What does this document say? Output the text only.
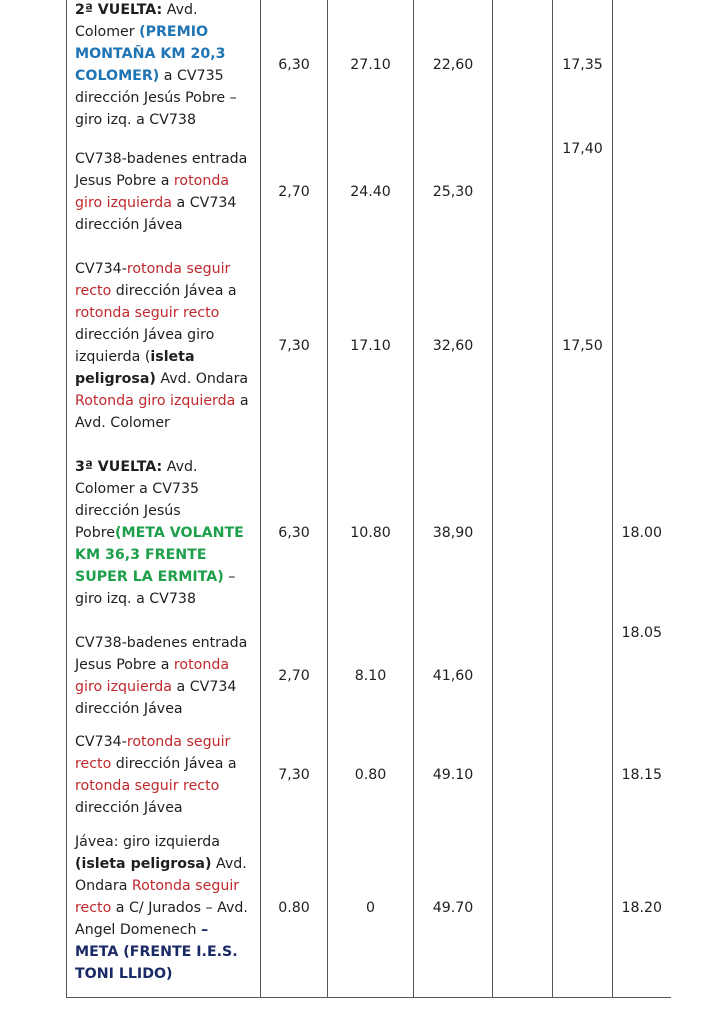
2ª VUELTA: Avd. Colomer (PREMIO MONTAÑA KM 20,3 COLOMER) a CV735 dirección Jesús Pobre – giro izq. a CV738	6,30	27.10	22,60		17,35	
CV738-badenes entrada Jesus Pobre a rotonda giro izquierda a CV734 dirección Jávea	2,70	24.40	25,30		17,40	

CV734-rotonda seguir recto dirección Jávea a rotonda seguir recto dirección Jávea giro izquierda (isleta peligrosa) Avd. Ondara Rotonda giro izquierda a Avd. Colomer	7,30	17.10	32,60		17,50	
3ª VUELTA: Avd. Colomer a CV735 dirección Jesús Pobre(META VOLANTE KM 36,3 FRENTE SUPER LA ERMITA) – giro izq. a CV738	6,30	10.80	38,90			18.00
CV738-badenes entrada Jesus Pobre a rotonda giro izquierda a CV734 dirección Jávea	2,70	8.10	41,60			18.05

CV734-rotonda seguir recto dirección Jávea a rotonda seguir recto dirección Jávea	7,30	0.80	49.10			18.15
Jávea: giro izquierda (isleta peligrosa) Avd. Ondara Rotonda seguir recto a C/ Jurados – Avd. Angel Domenech – META (FRENTE I.E.S. TONI LLIDO)	0.80	0	49.70			18.20
